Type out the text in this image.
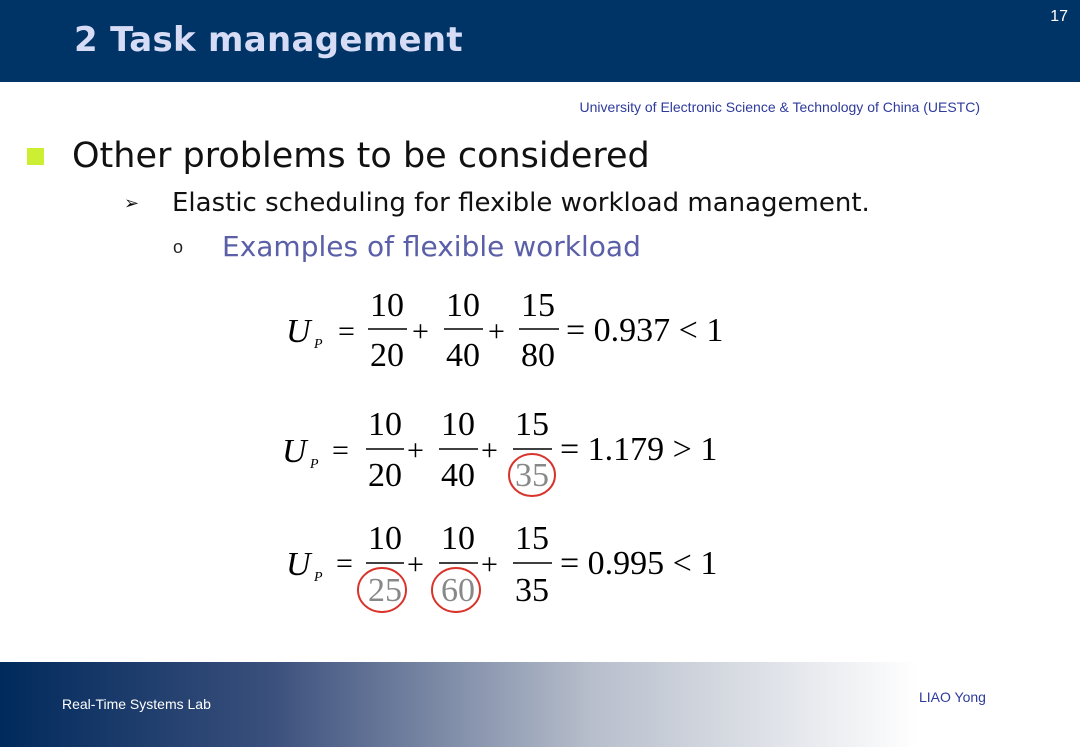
2 Task management
17
University of Electronic Science & Technology of China (UESTC)
Other problems to be considered
➢ Elastic scheduling for flexible workload management.
o Examples of flexible workload
U P =
10
20
+
10
40
+
15
80
= 0.937 < 1
U P =
10
20
+
10
40
+
15
35
= 1.179 > 1
U P =
10
25
+
10
60
+
15
35
= 0.995 < 1
Real-Time Systems Lab	LIAO Yong
